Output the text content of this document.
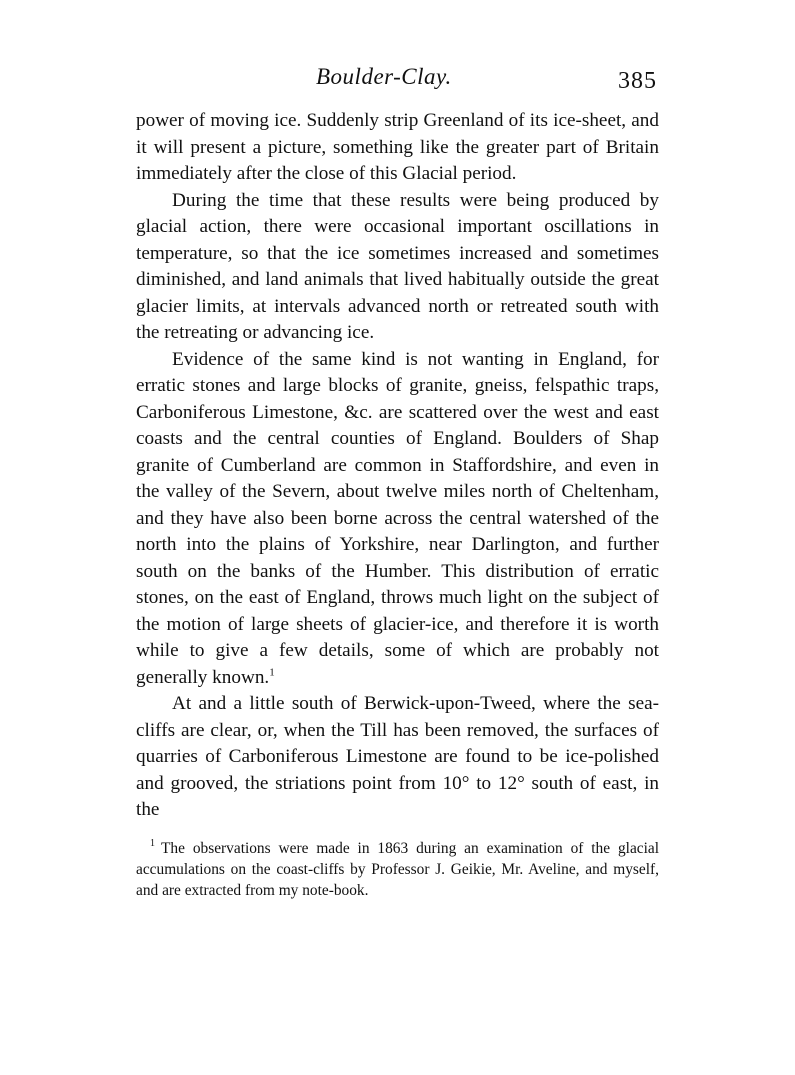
Boulder-Clay.	385

power of moving ice. Suddenly strip Greenland of its ice-sheet, and it will present a picture, something like the greater part of Britain immediately after the close of this Glacial period.

During the time that these results were being produced by glacial action, there were occasional important oscillations in temperature, so that the ice sometimes increased and sometimes diminished, and land animals that lived habitually outside the great glacier limits, at intervals advanced north or retreated south with the retreating or advancing ice.

Evidence of the same kind is not wanting in England, for erratic stones and large blocks of granite, gneiss, felspathic traps, Carboniferous Limestone, &c. are scattered over the west and east coasts and the central counties of England. Boulders of Shap granite of Cumberland are common in Staffordshire, and even in the valley of the Severn, about twelve miles north of Cheltenham, and they have also been borne across the central watershed of the north into the plains of Yorkshire, near Darlington, and further south on the banks of the Humber. This distribution of erratic stones, on the east of England, throws much light on the subject of the motion of large sheets of glacier-ice, and therefore it is worth while to give a few details, some of which are probably not generally known.$^1$

At and a little south of Berwick-upon-Tweed, where the sea-cliffs are clear, or, when the Till has been removed, the surfaces of quarries of Carboniferous Limestone are found to be ice-polished and grooved, the striations point from 10° to 12° south of east, in the

$^1$ The observations were made in 1863 during an examination of the glacial accumulations on the coast-cliffs by Professor J. Geikie, Mr. Aveline, and myself, and are extracted from my note-book.
